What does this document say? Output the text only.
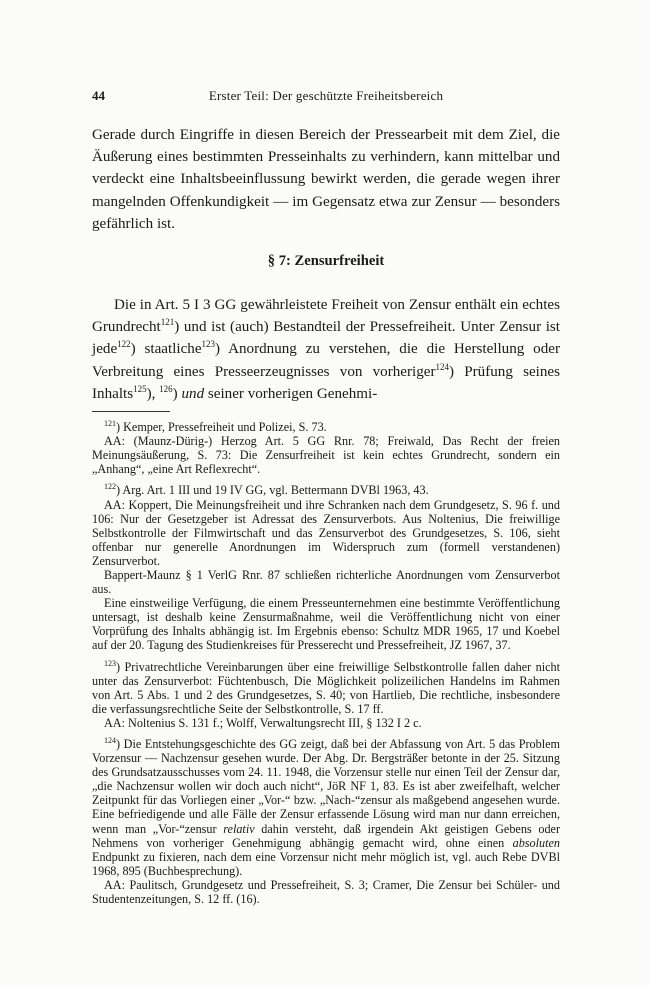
Erster Teil: Der geschützte Freiheitsbereich
44

Gerade durch Eingriffe in diesen Bereich der Pressearbeit mit dem Ziel, die Äußerung eines bestimmten Presseinhalts zu verhindern, kann mittelbar und verdeckt eine Inhaltsbeeinflussung bewirkt werden, die gerade wegen ihrer mangelnden Offenkundigkeit — im Gegensatz etwa zur Zensur — besonders gefährlich ist.

§ 7: Zensurfreiheit

Die in Art. 5 I 3 GG gewährleistete Freiheit von Zensur enthält ein echtes Grundrecht$^{121}$) und ist (auch) Bestandteil der Pressefreiheit. Unter Zensur ist jede$^{122}$) staatliche$^{123}$) Anordnung zu verstehen, die die Herstellung oder Verbreitung eines Presseerzeugnisses von vorheriger$^{124}$) Prüfung seines Inhalts$^{125}$), $^{126}$) und seiner vorherigen Genehmi-

$^{121}$) Kemper, Pressefreiheit und Polizei, S. 73.

AA: (Maunz-Dürig-) Herzog Art. 5 GG Rnr. 78; Freiwald, Das Recht der freien Meinungsäußerung, S. 73: Die Zensurfreiheit ist kein echtes Grundrecht, sondern ein „Anhang“, „eine Art Reflexrecht“.

$^{122}$) Arg. Art. 1 III und 19 IV GG, vgl. Bettermann DVBl 1963, 43.

AA: Koppert, Die Meinungsfreiheit und ihre Schranken nach dem Grundgesetz, S. 96 f. und 106: Nur der Gesetzgeber ist Adressat des Zensurverbots. Aus Noltenius, Die freiwillige Selbstkontrolle der Filmwirtschaft und das Zensurverbot des Grundgesetzes, S. 106, sieht offenbar nur generelle Anordnungen im Widerspruch zum (formell verstandenen) Zensurverbot.

Bappert-Maunz § 1 VerlG Rnr. 87 schließen richterliche Anordnungen vom Zensurverbot aus.

Eine einstweilige Verfügung, die einem Presseunternehmen eine bestimmte Veröffentlichung untersagt, ist deshalb keine Zensurmaßnahme, weil die Veröffentlichung nicht von einer Vorprüfung des Inhalts abhängig ist. Im Ergebnis ebenso: Schultz MDR 1965, 17 und Koebel auf der 20. Tagung des Studienkreises für Presserecht und Pressefreiheit, JZ 1967, 37.

$^{123}$) Privatrechtliche Vereinbarungen über eine freiwillige Selbstkontrolle fallen daher nicht unter das Zensurverbot: Füchtenbusch, Die Möglichkeit polizeilichen Handelns im Rahmen von Art. 5 Abs. 1 und 2 des Grundgesetzes, S. 40; von Hartlieb, Die rechtliche, insbesondere die verfassungsrechtliche Seite der Selbstkontrolle, S. 17 ff.

AA: Noltenius S. 131 f.; Wolff, Verwaltungsrecht III, § 132 I 2 c.

$^{124}$) Die Entstehungsgeschichte des GG zeigt, daß bei der Abfassung von Art. 5 das Problem Vorzensur — Nachzensur gesehen wurde. Der Abg. Dr. Bergsträßer betonte in der 25. Sitzung des Grundsatzausschusses vom 24. 11. 1948, die Vorzensur stelle nur einen Teil der Zensur dar, „die Nachzensur wollen wir doch auch nicht“, JöR NF 1, 83. Es ist aber zweifelhaft, welcher Zeitpunkt für das Vorliegen einer „Vor-“ bzw. „Nach-“zensur als maßgebend angesehen wurde. Eine befriedigende und alle Fälle der Zensur erfassende Lösung wird man nur dann erreichen, wenn man „Vor-“zensur relativ dahin versteht, daß irgendein Akt geistigen Gebens oder Nehmens von vorheriger Genehmigung abhängig gemacht wird, ohne einen absoluten Endpunkt zu fixieren, nach dem eine Vorzensur nicht mehr möglich ist, vgl. auch Rebe DVBl 1968, 895 (Buchbesprechung).

AA: Paulitsch, Grundgesetz und Pressefreiheit, S. 3; Cramer, Die Zensur bei Schüler- und Studentenzeitungen, S. 12 ff. (16).
